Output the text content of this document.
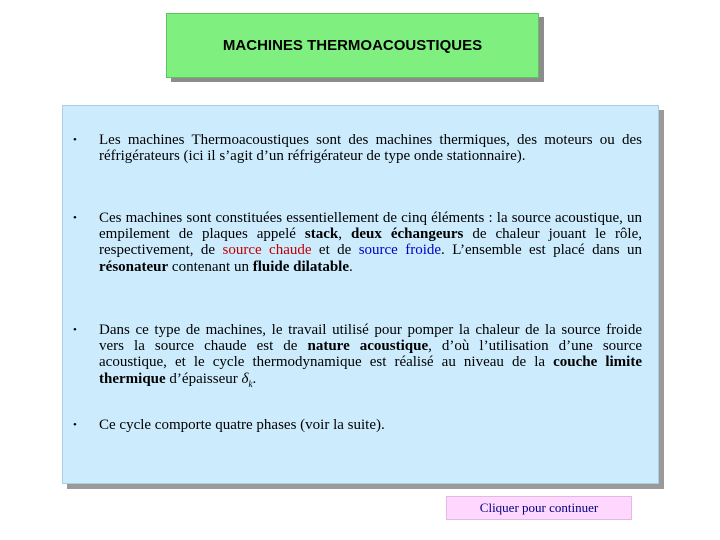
MACHINES THERMOACOUSTIQUES
•	Les machines Thermoacoustiques sont des machines thermiques, des moteurs ou des réfrigérateurs (ici il s’agit d’un réfrigérateur de type onde stationnaire).
•	Ces machines sont constituées essentiellement de cinq éléments : la source acoustique, un empilement de plaques appelé stack, deux échangeurs de chaleur jouant le rôle, respectivement, de source chaude et de source froide. L’ensemble est placé dans un résonateur contenant un fluide dilatable.
•	Dans ce type de machines, le travail utilisé pour pomper la chaleur de la source froide vers la source chaude est de nature acoustique, d’où l’utilisation d’une source acoustique, et le cycle thermodynamique est réalisé au niveau de la couche limite thermique d’épaisseur $\delta_k$.
•	Ce cycle comporte quatre phases (voir la suite).
Cliquer pour continuer
